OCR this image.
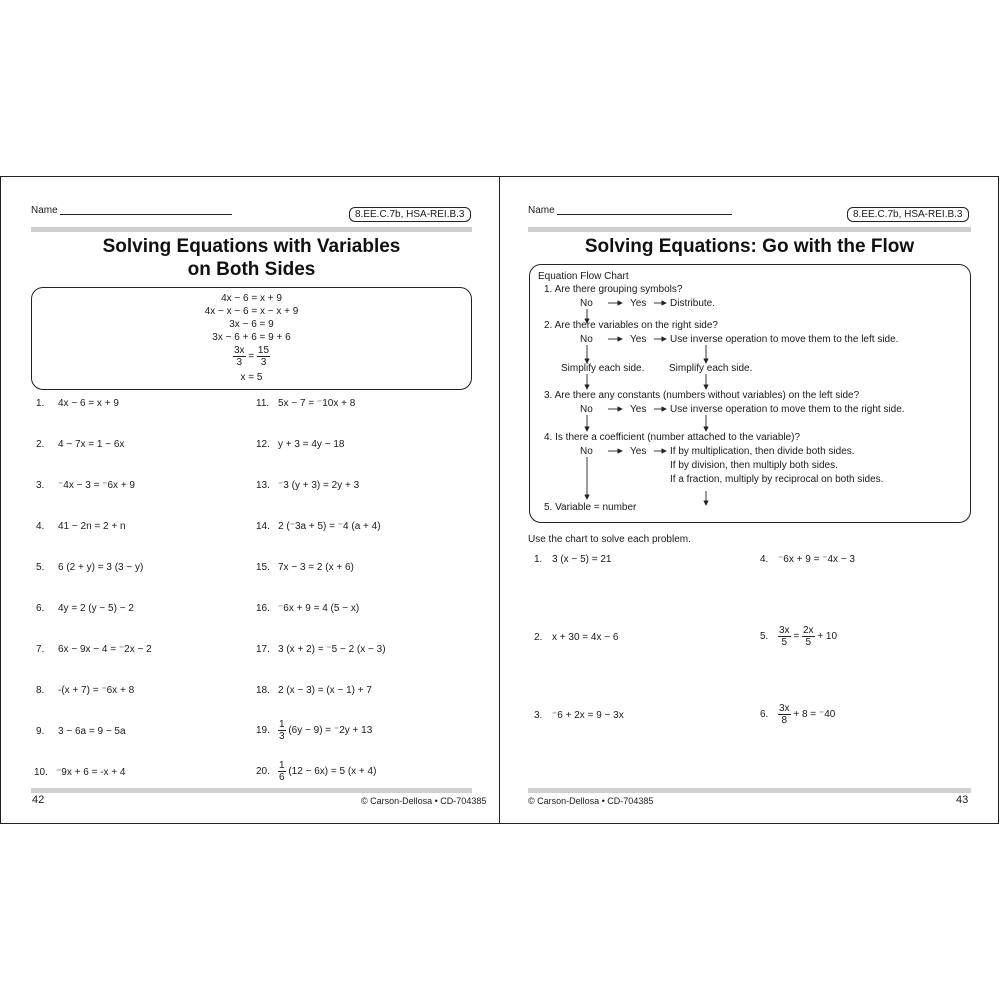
Name	8.EE.C.7b, HSA-REI.B.3
Solving Equations with Variables
on Both Sides
4x − 6 = x + 9
4x − x − 6 = x − x + 9
3x − 6 = 9
3x − 6 + 6 = 9 + 6
$\frac{3x}{3} = \frac{15}{3}$
x = 5
1. 4x − 6 = x + 9
2. 4 − 7x = 1 − 6x
3. ⁻4x − 3 = ⁻6x + 9
4. 41 − 2n = 2 + n
5. 6 (2 + y) = 3 (3 − y)
6. 4y = 2 (y − 5) − 2
7. 6x − 9x − 4 = ⁻2x − 2
8. -(x + 7) = ⁻6x + 8
9. 3 − 6a = 9 − 5a
10. ⁻9x + 6 = -x + 4
11. 5x − 7 = ⁻10x + 8
12. y + 3 = 4y − 18
13. ⁻3 (y + 3) = 2y + 3
14. 2 (⁻3a + 5) = ⁻4 (a + 4)
15. 7x − 3 = 2 (x + 6)
16. ⁻6x + 9 = 4 (5 − x)
17. 3 (x + 2) = ⁻5 − 2 (x − 3)
18. 2 (x − 3) = (x − 1) + 7
19. $\frac{1}{3} (6y - 9) = ^-2y + 13$
20. $\frac{1}{6} (12 - 6x) = 5$ (x + 4)
42	© Carson-Dellosa • CD-704385
Name	8.EE.C.7b, HSA-REI.B.3
Solving Equations: Go with the Flow
Equation Flow Chart
1. Are there grouping symbols?
No	Yes Distribute.
2. Are there variables on the right side?
No	Yes Use inverse operation to move them to the left side.
Simplify each side. Simplify each side.
3. Are there any constants (numbers without variables) on the left side?
No	Yes Use inverse operation to move them to the right side.
4. Is there a coefficient (number attached to the variable)?
No	Yes If by multiplication, then divide both sides.
If by division, then multiply both sides.
If a fraction, multiply by reciprocal on both sides.
5. Variable = number
Use the chart to solve each problem.
1. 3 (x − 5) = 21
2. x + 30 = 4x − 6
3. ⁻6 + 2x = 9 − 3x
4. ⁻6x + 9 = ⁻4x − 3
5. $\frac{3x}{5} = \frac{2x}{5} + 10$
6. $\frac{3x}{8} + 8 = ^-40$
© Carson-Dellosa • CD-704385	43
